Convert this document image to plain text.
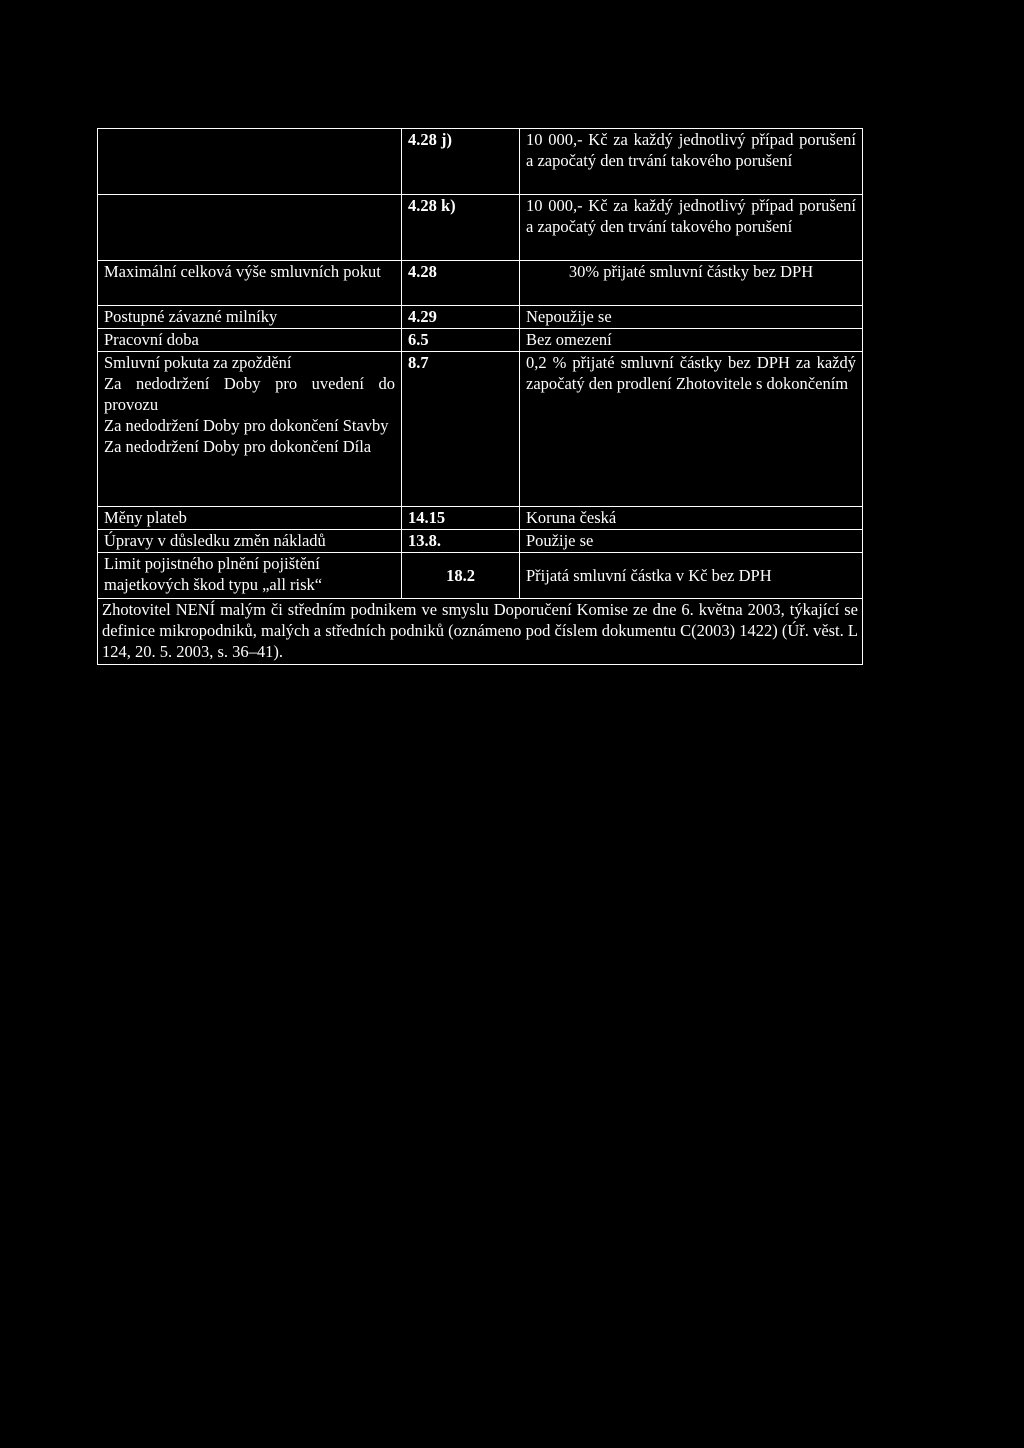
	4.28 j)	10 000,- Kč za každý jednotlivý případ porušení a započatý den trvání takového porušení
	4.28 k)	10 000,- Kč za každý jednotlivý případ porušení a započatý den trvání takového porušení
Maximální celková výše smluvních pokut	4.28	30% přijaté smluvní částky bez DPH
Postupné závazné milníky	4.29	Nepoužije se
Pracovní doba	6.5	Bez omezení

Smluvní pokuta za zpoždění
Za nedodržení Doby pro uvedení do provozu
Za nedodržení Doby pro dokončení Stavby
Za nedodržení Doby pro dokončení Díla	8.7	0,2 % přijaté smluvní částky bez DPH za každý započatý den prodlení Zhotovitele s dokončením
Měny plateb	14.15	Koruna česká
Úpravy v důsledku změn nákladů	13.8.	Použije se
Limit pojistného plnění pojištění majetkových škod typu „all risk“	18.2	Přijatá smluvní částka v Kč bez DPH
Zhotovitel NENÍ malým či středním podnikem ve smyslu Doporučení Komise ze dne 6. května 2003, týkající se definice mikropodniků, malých a středních podniků (oznámeno pod číslem dokumentu C(2003) 1422) (Úř. věst. L 124, 20. 5. 2003, s. 36–41).		
